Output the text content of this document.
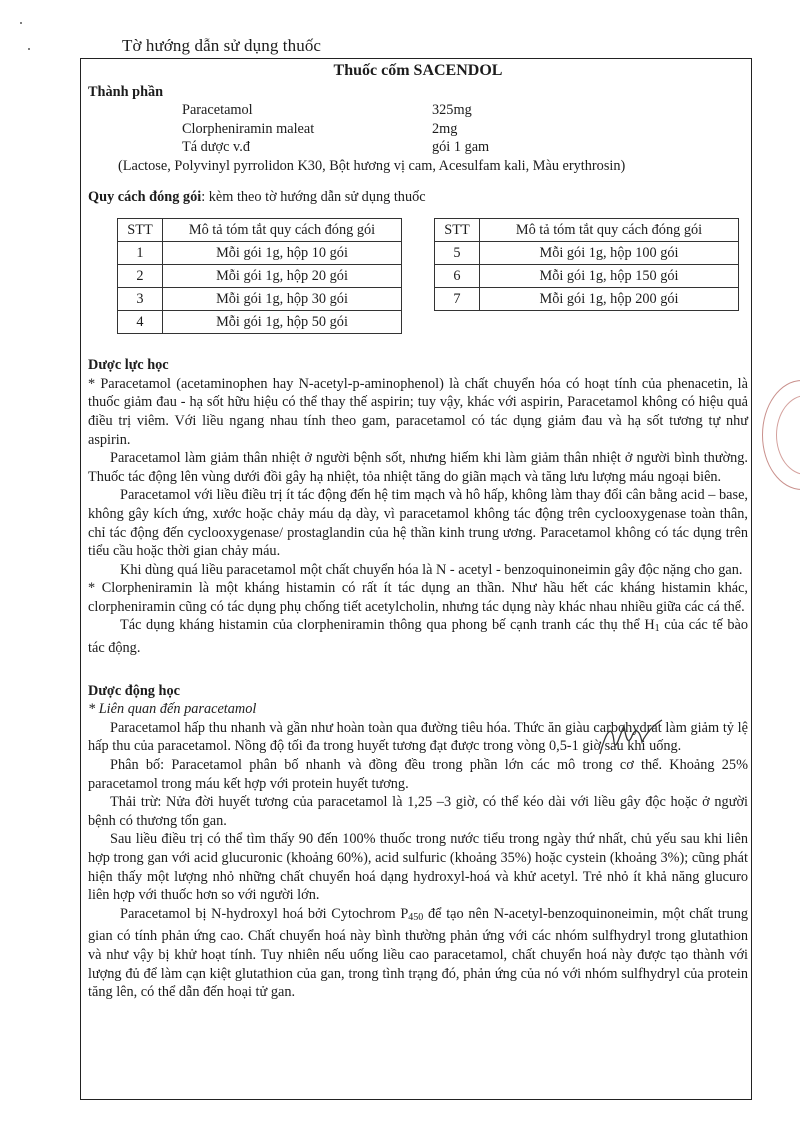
Tờ hướng dẫn sử dụng thuốc
Thuốc cốm SACENDOL
Thành phần
Paracetamol	325mg
Clorpheniramin maleat	2mg
Tá dược v.đ	gói 1 gam
(Lactose, Polyvinyl pyrrolidon K30, Bột hương vị cam, Acesulfam kali, Màu erythrosin)
Quy cách đóng gói: kèm theo tờ hướng dẫn sử dụng thuốc
STT	Mô tả tóm tắt quy cách đóng gói
1	Mỗi gói 1g, hộp 10 gói
2	Mỗi gói 1g, hộp 20 gói
3	Mỗi gói 1g, hộp 30 gói
4	Mỗi gói 1g, hộp 50 gói
STT	Mô tả tóm tắt quy cách đóng gói
5	Mỗi gói 1g, hộp 100 gói
6	Mỗi gói 1g, hộp 150 gói
7	Mỗi gói 1g, hộp 200 gói
Dược lực học
* Paracetamol (acetaminophen hay N-acetyl-p-aminophenol) là chất chuyển hóa có hoạt tính của phenacetin, là thuốc giảm đau - hạ sốt hữu hiệu có thể thay thế aspirin; tuy vậy, khác với aspirin, Paracetamol không có hiệu quả điều trị viêm. Với liều ngang nhau tính theo gam, paracetamol có tác dụng giảm đau và hạ sốt tương tự như aspirin.
Paracetamol làm giảm thân nhiệt ở người bệnh sốt, nhưng hiếm khi làm giảm thân nhiệt ở người bình thường. Thuốc tác động lên vùng dưới đồi gây hạ nhiệt, tỏa nhiệt tăng do giãn mạch và tăng lưu lượng máu ngoại biên.
Paracetamol với liều điều trị ít tác động đến hệ tim mạch và hô hấp, không làm thay đổi cân bằng acid – base, không gây kích ứng, xước hoặc chảy máu dạ dày, vì paracetamol không tác động trên cyclooxygenase toàn thân, chỉ tác động đến cyclooxygenase/ prostaglandin của hệ thần kinh trung ương. Paracetamol không có tác dụng trên tiểu cầu hoặc thời gian chảy máu.
Khi dùng quá liều paracetamol một chất chuyển hóa là N - acetyl - benzoquinoneimin gây độc nặng cho gan.
* Clorpheniramin là một kháng histamin có rất ít tác dụng an thần. Như hầu hết các kháng histamin khác, clorpheniramin cũng có tác dụng phụ chống tiết acetylcholin, nhưng tác dụng này khác nhau nhiều giữa các cá thể.
Tác dụng kháng histamin của clorpheniramin thông qua phong bế cạnh tranh các thụ thể H1 của các tế bào tác động.
Dược động học
* Liên quan đến paracetamol
Paracetamol hấp thu nhanh và gần như hoàn toàn qua đường tiêu hóa. Thức ăn giàu carbohydrat làm giảm tỷ lệ hấp thu của paracetamol. Nồng độ tối đa trong huyết tương đạt được trong vòng 0,5-1 giờ sau khi uống.
Phân bố: Paracetamol phân bố nhanh và đồng đều trong phần lớn các mô trong cơ thể. Khoảng 25% paracetamol trong máu kết hợp với protein huyết tương.
Thải trừ: Nửa đời huyết tương của paracetamol là 1,25 –3 giờ, có thể kéo dài với liều gây độc hoặc ở người bệnh có thương tổn gan.
Sau liều điều trị có thể tìm thấy 90 đến 100% thuốc trong nước tiểu trong ngày thứ nhất, chủ yếu sau khi liên hợp trong gan với acid glucuronic (khoảng 60%), acid sulfuric (khoảng 35%) hoặc cystein (khoảng 3%); cũng phát hiện thấy một lượng nhỏ những chất chuyển hoá dạng hydroxyl-hoá và khử acetyl. Trẻ nhỏ ít khả năng glucuro liên hợp với thuốc hơn so với người lớn.
Paracetamol bị N-hydroxyl hoá bởi Cytochrom P450 để tạo nên N-acetyl-benzoquinoneimin, một chất trung gian có tính phản ứng cao. Chất chuyển hoá này bình thường phản ứng với các nhóm sulfhydryl trong glutathion và như vậy bị khử hoạt tính. Tuy nhiên nếu uống liều cao paracetamol, chất chuyển hoá này được tạo thành với lượng đủ để làm cạn kiệt glutathion của gan, trong tình trạng đó, phản ứng của nó với nhóm sulfhydryl của protein tăng lên, có thể dẫn đến hoại tử gan.
